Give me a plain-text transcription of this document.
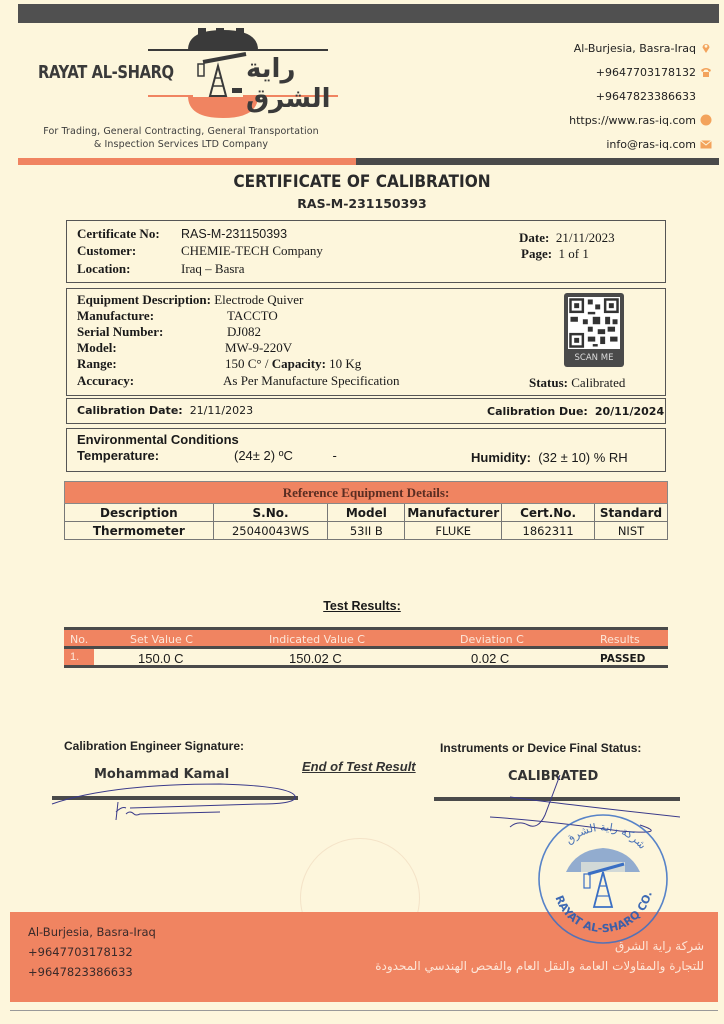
RAYAT AL-SHARQ	راية الشرق
For Trading, General Contracting, General Transportation
& Inspection Services LTD Company
Al-Burjesia, Basra-Iraq
+9647703178132
+9647823386633
https://www.ras-iq.com
info@ras-iq.com
CERTIFICATE OF CALIBRATION
RAS-M-231150393
Certificate No: RAS-M-231150393
Customer:	CHEMIE-TECH Company
Location:	Iraq – Basra
Date: 21/11/2023
Page: 1 of 1
Equipment Description: Electrode Quiver
Manufacture:	TACCTO
Serial Number:	DJ082
Model:	MW-9-220V
Range:	150 C° / Capacity: 10 Kg
Accuracy:	As Per Manufacture Specification
SCAN ME
Status: Calibrated
Calibration Date: 21/11/2023	Calibration Due: 20/11/2024
Environmental Conditions
Temperature:	(24± 2) ºC	-	Humidity: (32 ± 10) % RH
Reference Equipment Details:					
Description	S.No.	Model	Manufacturer	Cert.No.	Standard
Thermometer	25040043WS	53II B	FLUKE	1862311	NIST
Test Results:
No.	Set Value C	Indicated Value C	Deviation C	Results
1.	150.0 C	150.02 C	0.02 C	PASSED
Calibration Engineer Signature:
Mohammad Kamal
End of Test Result
Instruments or Device Final Status:
CALIBRATED
Al-Burjesia, Basra-Iraq
+9647703178132
+9647823386633
شركة راية الشرق
للتجارة والمقاولات العامة والنقل العام والفحص الهندسي المحدودة
RAYAT AL-SHARQ CO.
شركة راية الشرق
